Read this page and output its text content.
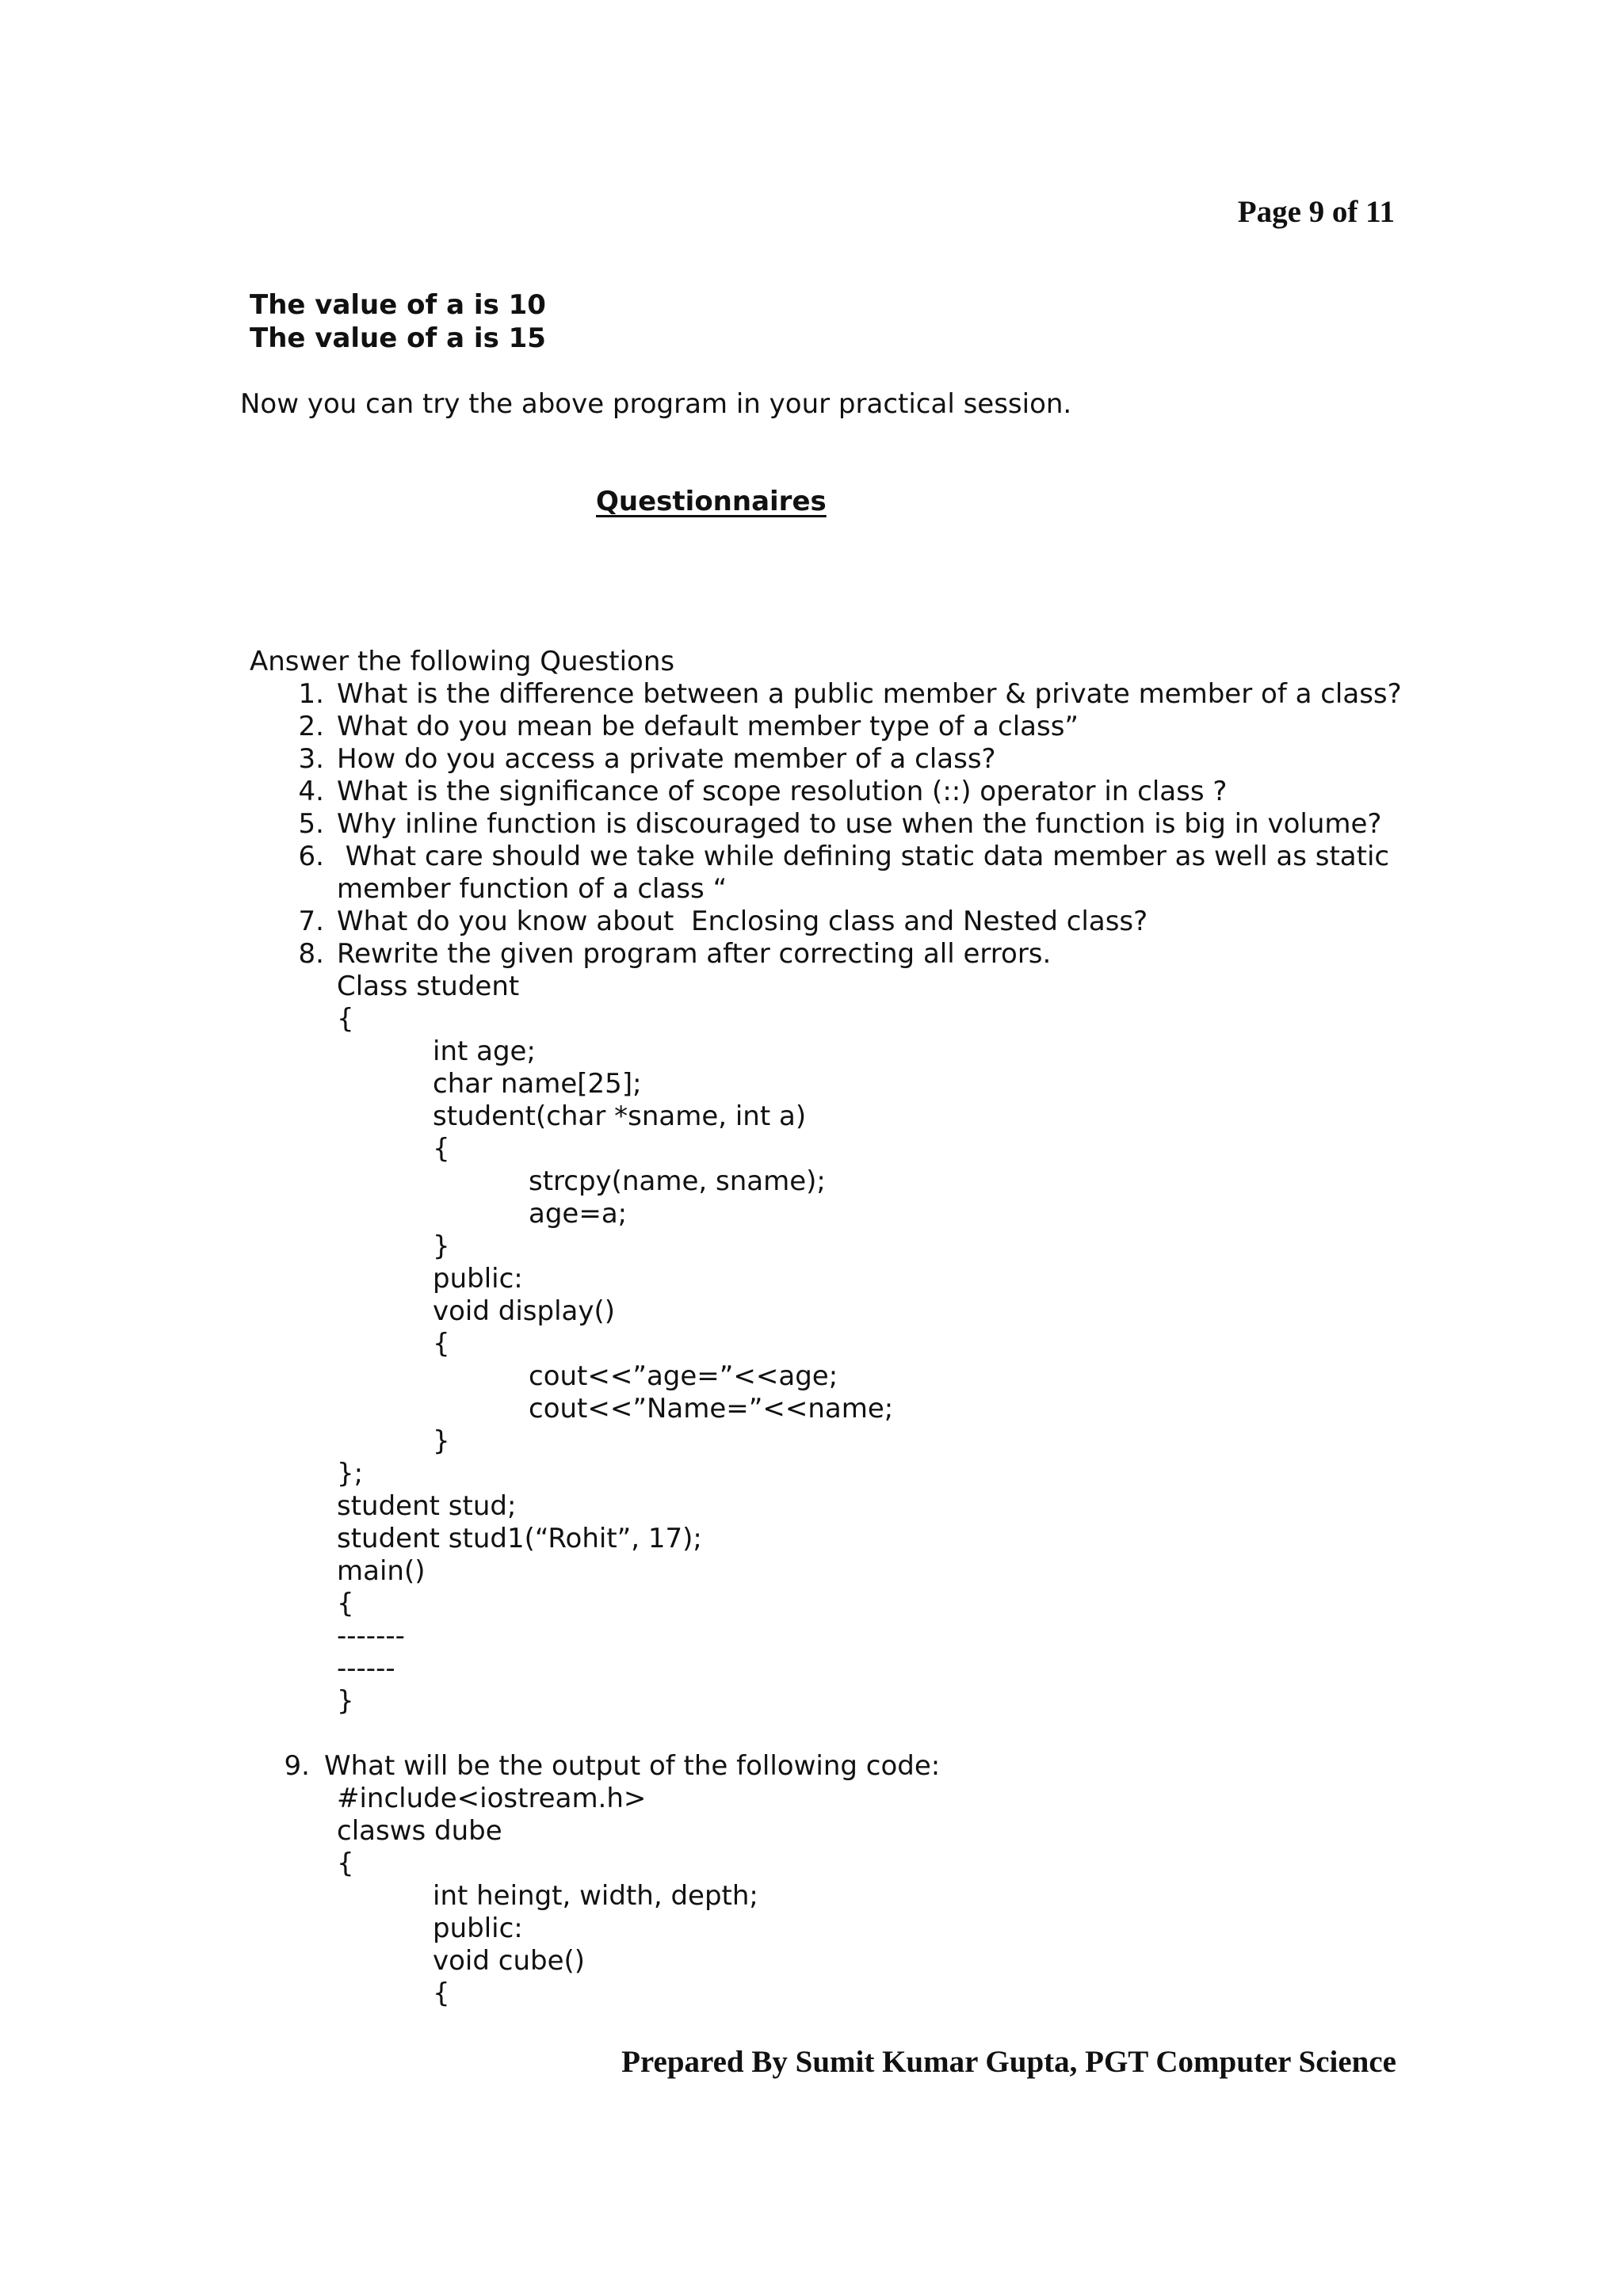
Page 9 of 11
The value of a is 10
The value of a is 15
Now you can try the above program in your practical session.
Questionnaires
Answer the following Questions
1. What is the difference between a public member & private member of a class?
2. What do you mean be default member type of a class”
3. How do you access a private member of a class?
4. What is the significance of scope resolution (::) operator in class ?
5. Why inline function is discouraged to use when the function is big in volume?
6. What care should we take while defining static data member as well as static
member function of a class “
7. What do you know about  Enclosing class and Nested class?
8. Rewrite the given program after correcting all errors.
Class student
{
int age;
char name[25];
student(char *sname, int a)
{
strcpy(name, sname);
age=a;
}
public:
void display()
{
cout<<”age=”<<age;
cout<<”Name=”<<name;
}
};
student stud;
student stud1(“Rohit”, 17);
main()
{
-------
------
}
9. What will be the output of the following code:
#include<iostream.h>
clasws dube
{
int heingt, width, depth;
public:
void cube()
{
Prepared By Sumit Kumar Gupta, PGT Computer Science
